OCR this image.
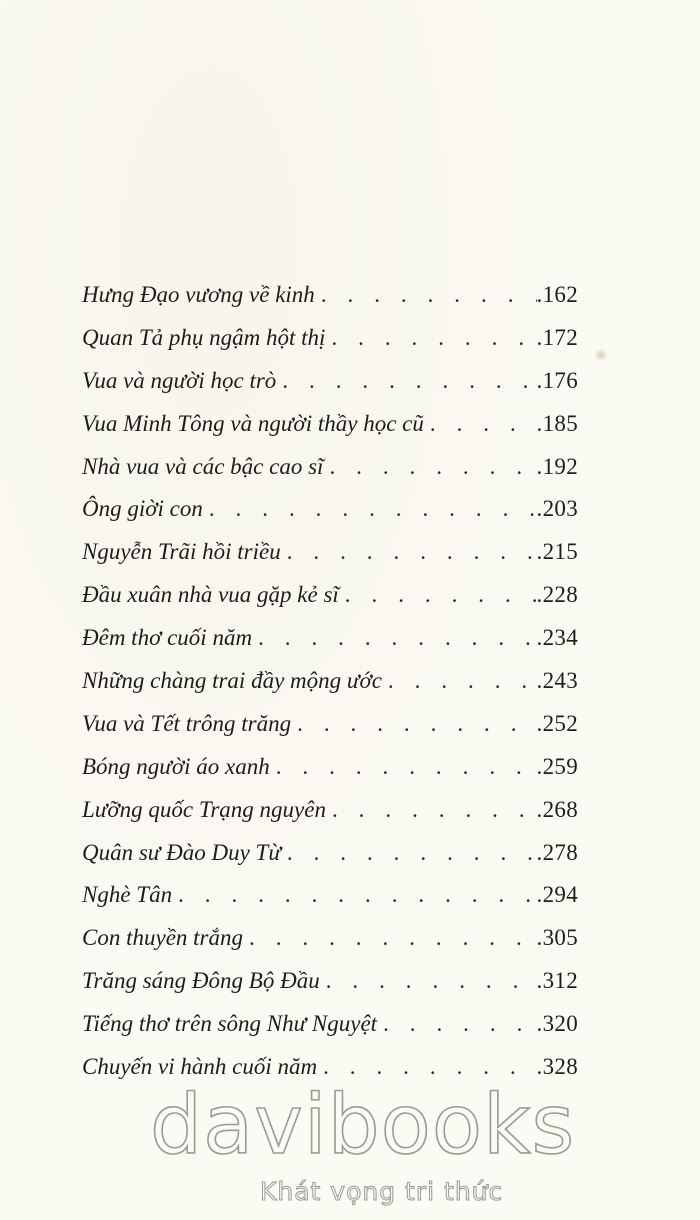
Hưng Đạo vương về kinh . . .	. 162
Quan Tả phụ ngậm hột thị . . .	. 172
Vua và người học trò . . .	. 176
Vua Minh Tông và người thầy học cũ . . .	. 185
Nhà vua và các bậc cao sĩ . . .	. 192
Ông giời con . . .	. 203
Nguyễn Trãi hồi triều . . .	. 215
Đầu xuân nhà vua gặp kẻ sĩ . . .	. 228
Đêm thơ cuối năm . . .	. 234
Những chàng trai đầy mộng ước . . .	. 243
Vua và Tết trông trăng . . .	. 252
Bóng người áo xanh . . .	. 259
Lưỡng quốc Trạng nguyên . . .	. 268
Quân sư Đào Duy Từ . . .	. 278
Nghè Tân . . .	. 294
Con thuyền trắng . . .	. 305
Trăng sáng Đông Bộ Đầu . . .	. 312
Tiếng thơ trên sông Như Nguyệt . . .	. 320
Chuyến vi hành cuối năm . . .	. 328
davibooks
Khát vọng tri thức
